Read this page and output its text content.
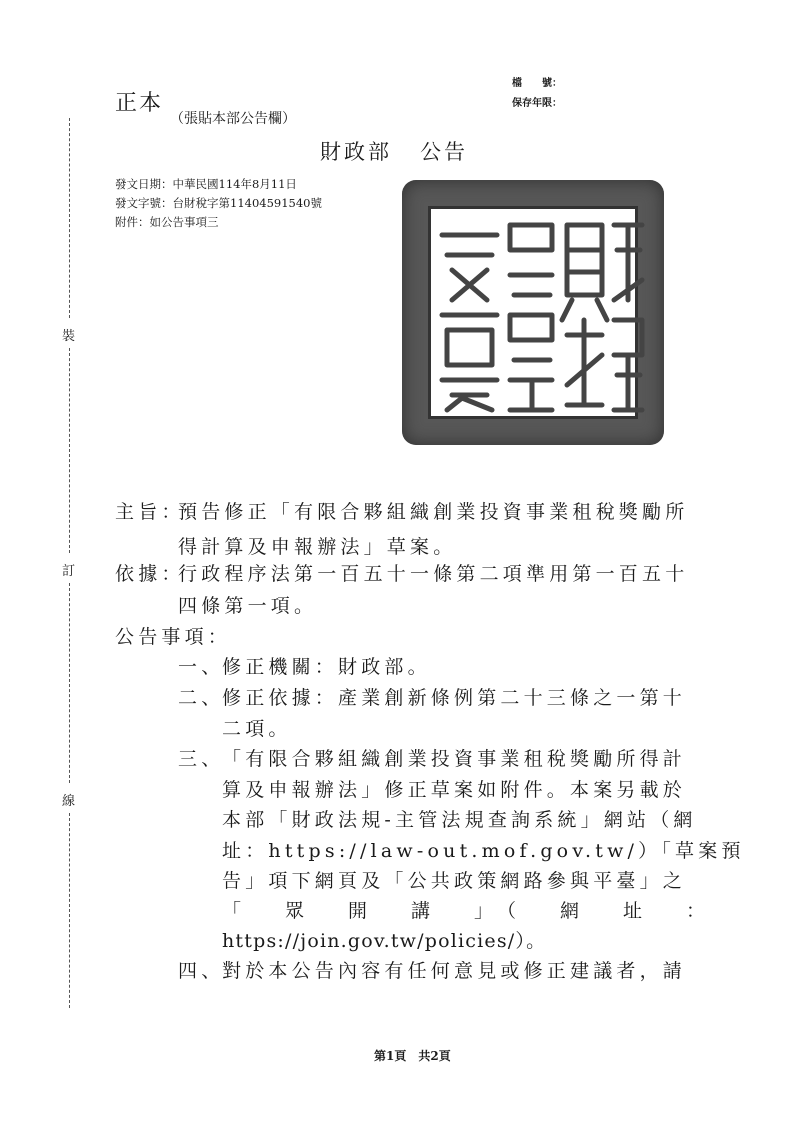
正本
（張貼本部公告欄）
檔　　號：
保存年限：
財政部 公告
發文日期：中華民國114年8月11日
發文字號：台財稅字第11404591540號
附件：如公告事項三
裝
訂
線
主旨：
預告修正「有限合夥組織創業投資事業租稅獎勵所
得計算及申報辦法」草案。
依據：
行政程序法第一百五十一條第二項準用第一百五十
四條第一項。
公告事項：
一、
修正機關：財政部。
二、
修正依據：產業創新條例第二十三條之一第十
二項。
三、
「有限合夥組織創業投資事業租稅獎勵所得計
算及申報辦法」修正草案如附件。本案另載於
本部「財政法規-主管法規查詢系統」網站（網
址：https://law-out.mof.gov.tw/）「草案預
告」項下網頁及「公共政策網路參與平臺」之
「　　眾　　開　　講　　」　（　　網　　址　　：
https://join.gov.tw/policies/）。
四、
對於本公告內容有任何意見或修正建議者，請
第1頁　共2頁
